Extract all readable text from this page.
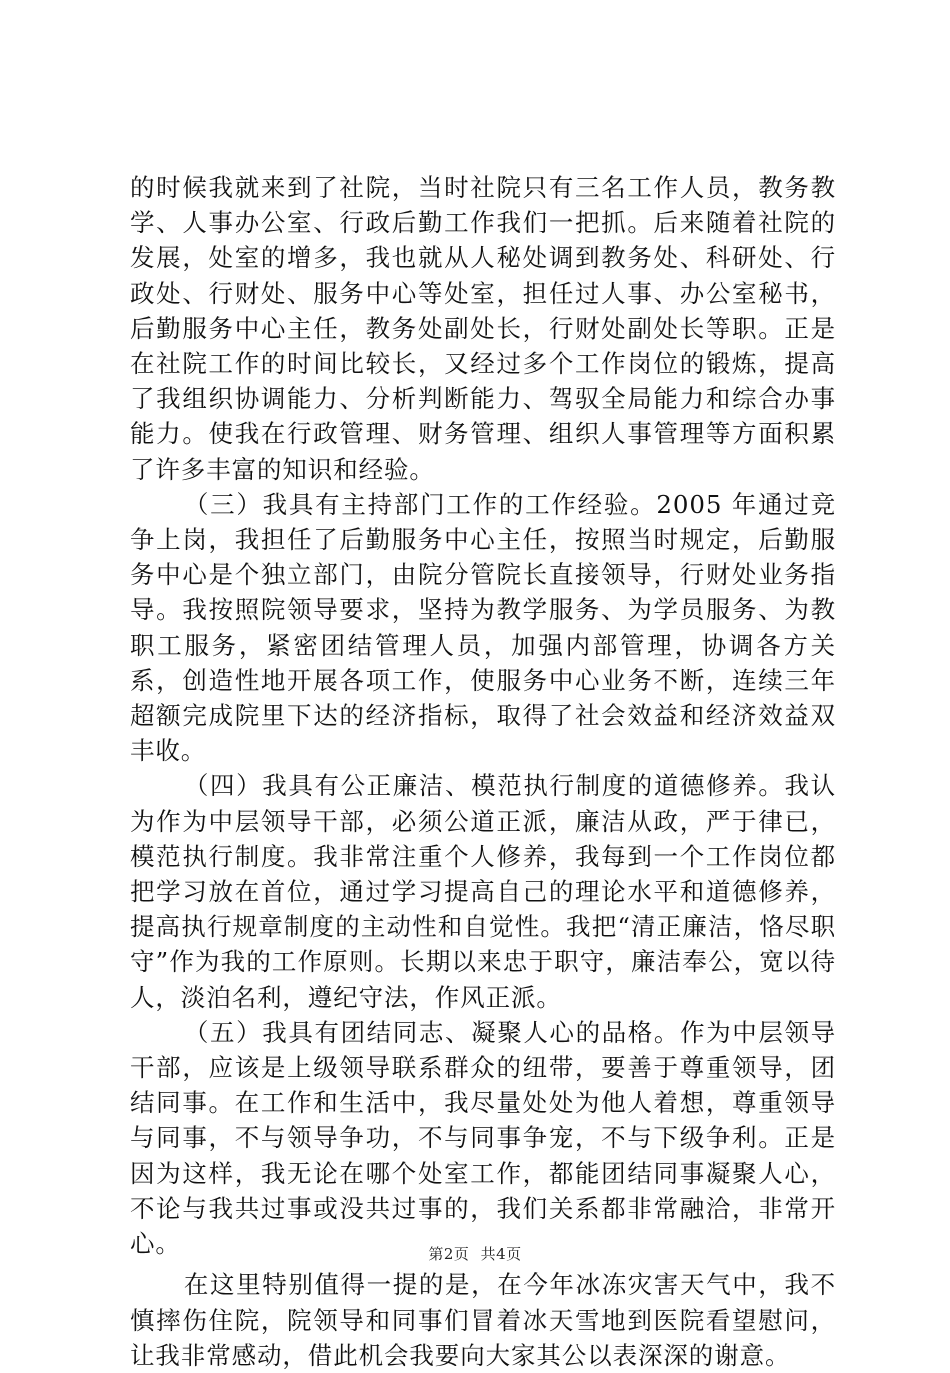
的时候我就来到了社院，当时社院只有三名工作人员，教务教学、人事办公室、行政后勤工作我们一把抓。后来随着社院的发展，处室的增多，我也就从人秘处调到教务处、科研处、行政处、行财处、服务中心等处室，担任过人事、办公室秘书，后勤服务中心主任，教务处副处长，行财处副处长等职。正是在社院工作的时间比较长，又经过多个工作岗位的锻炼，提高了我组织协调能力、分析判断能力、驾驭全局能力和综合办事能力。使我在行政管理、财务管理、组织人事管理等方面积累了许多丰富的知识和经验。

（三）我具有主持部门工作的工作经验。2005 年通过竞争上岗，我担任了后勤服务中心主任，按照当时规定，后勤服务中心是个独立部门，由院分管院长直接领导，行财处业务指导。我按照院领导要求，坚持为教学服务、为学员服务、为教职工服务，紧密团结管理人员，加强内部管理，协调各方关系，创造性地开展各项工作，使服务中心业务不断，连续三年超额完成院里下达的经济指标，取得了社会效益和经济效益双丰收。

（四）我具有公正廉洁、模范执行制度的道德修养。我认为作为中层领导干部，必须公道正派，廉洁从政，严于律已，模范执行制度。我非常注重个人修养，我每到一个工作岗位都把学习放在首位，通过学习提高自己的理论水平和道德修养，提高执行规章制度的主动性和自觉性。我把“清正廉洁，恪尽职守”作为我的工作原则。长期以来忠于职守，廉洁奉公，宽以待人，淡泊名利，遵纪守法，作风正派。

（五）我具有团结同志、凝聚人心的品格。作为中层领导干部，应该是上级领导联系群众的纽带，要善于尊重领导，团结同事。在工作和生活中，我尽量处处为他人着想，尊重领导与同事，不与领导争功，不与同事争宠，不与下级争利。正是因为这样，我无论在哪个处室工作，都能团结同事凝聚人心，不论与我共过事或没共过事的，我们关系都非常融洽，非常开心。

在这里特别值得一提的是，在今年冰冻灾害天气中，我不慎摔伤住院，院领导和同事们冒着冰天雪地到医院看望慰问，让我非常感动，借此机会我要向大家其公以表深深的谢意。

第2页 共4页
